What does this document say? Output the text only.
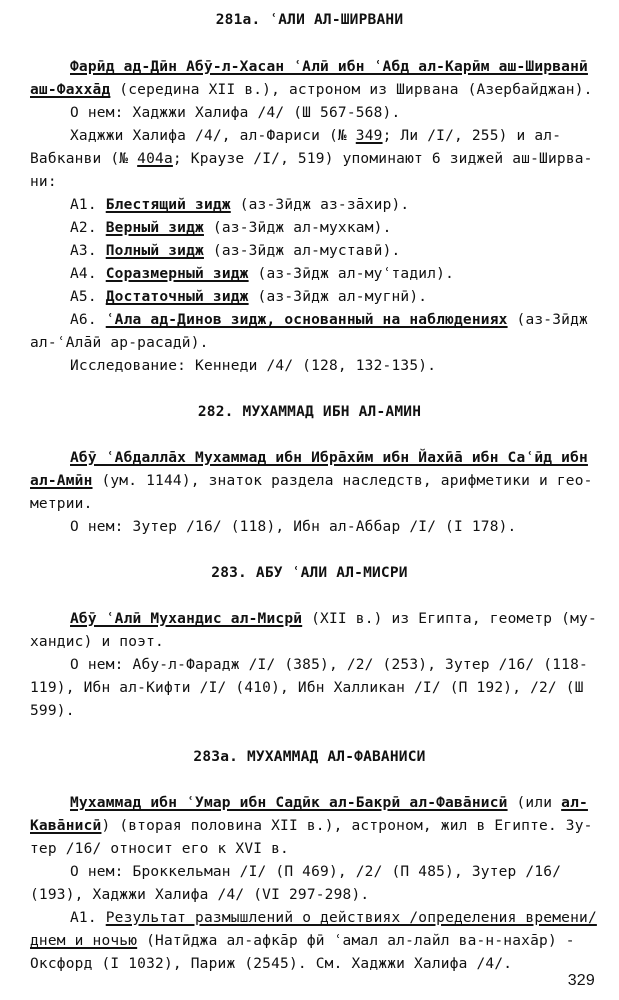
281а. ʿАЛИ АЛ-ШИРВАНИ
Фарӣд ад-Дӣн Абӯ-л-Хасан ʿАлӣ ибн ʿАбд ал-Карӣм аш-Ширванӣ
аш-Фаххāд (середина XII в.), астроном из Ширвана (Азербайджан).
О нем: Хаджжи Халифа /4/ (Ш 567-568).
Хаджжи Халифа /4/, ал-Фариси (№ 349; Ли /I/, 255) и ал-
Вабканви (№ 404а; Краузе /I/, 519) упоминают 6 зиджей аш-Ширва-
ни:
А1. Блестящий зидж (аз-Зӣдж аз-зāхир).
А2. Верный зидж (аз-Зӣдж ал-мухкам).
А3. Полный зидж (аз-Зӣдж ал-муставӣ).
А4. Соразмерный зидж (аз-Зӣдж ал-муʿтадил).
А5. Достаточный зидж (аз-Зӣдж ал-мугнӣ).
А6. ʿАла ад-Динов зидж, основанный на наблюдениях (аз-Зӣдж
ал-ʿАлāӣ ар-расадӣ).
Исследование: Кеннеди /4/ (128, 132-135).
282. МУХАММАД ИБН АЛ-АМИН
Абӯ ʿАбдаллāх Мухаммад ибн Ибрāхӣм ибн Йахӣā ибн Саʿӣд ибн
ал-Амӣн (ум. 1144), знаток раздела наследств, арифметики и гео-
метрии.
О нем: Зутер /16/ (118), Ибн ал-Аббар /I/ (I 178).
283. АБУ ʿАЛИ АЛ-МИСРИ
Абӯ ʿАлӣ Мухандис ал-Мисрӣ (XII в.) из Египта, геометр (му-
хандис) и поэт.
О нем: Абу-л-Фарадж /I/ (385), /2/ (253), Зутер /16/ (118-
119), Ибн ал-Кифти /I/ (410), Ибн Халликан /I/ (П 192), /2/ (Ш
599).
283а. МУХАММАД АЛ-ФАВАНИСИ
Мухаммад ибн ʿУмар ибн Садӣк ал-Бакрӣ ал-Фавāнисӣ (или ал-
Кавāнисӣ) (вторая половина XII в.), астроном, жил в Египте. Зу-
тер /16/ относит его к XVI в.
О нем: Броккельман /I/ (П 469), /2/ (П 485), Зутер /16/
(193), Хаджжи Халифа /4/ (VI 297-298).
А1. Результат размышлений о действиях /определения времени/
днем и ночью (Натӣджа ал-афкāр фӣ ʿамал ал-лайл ва-н-нахāр) -
Оксфорд (I 1032), Париж (2545). См. Хаджжи Халифа /4/.
329
